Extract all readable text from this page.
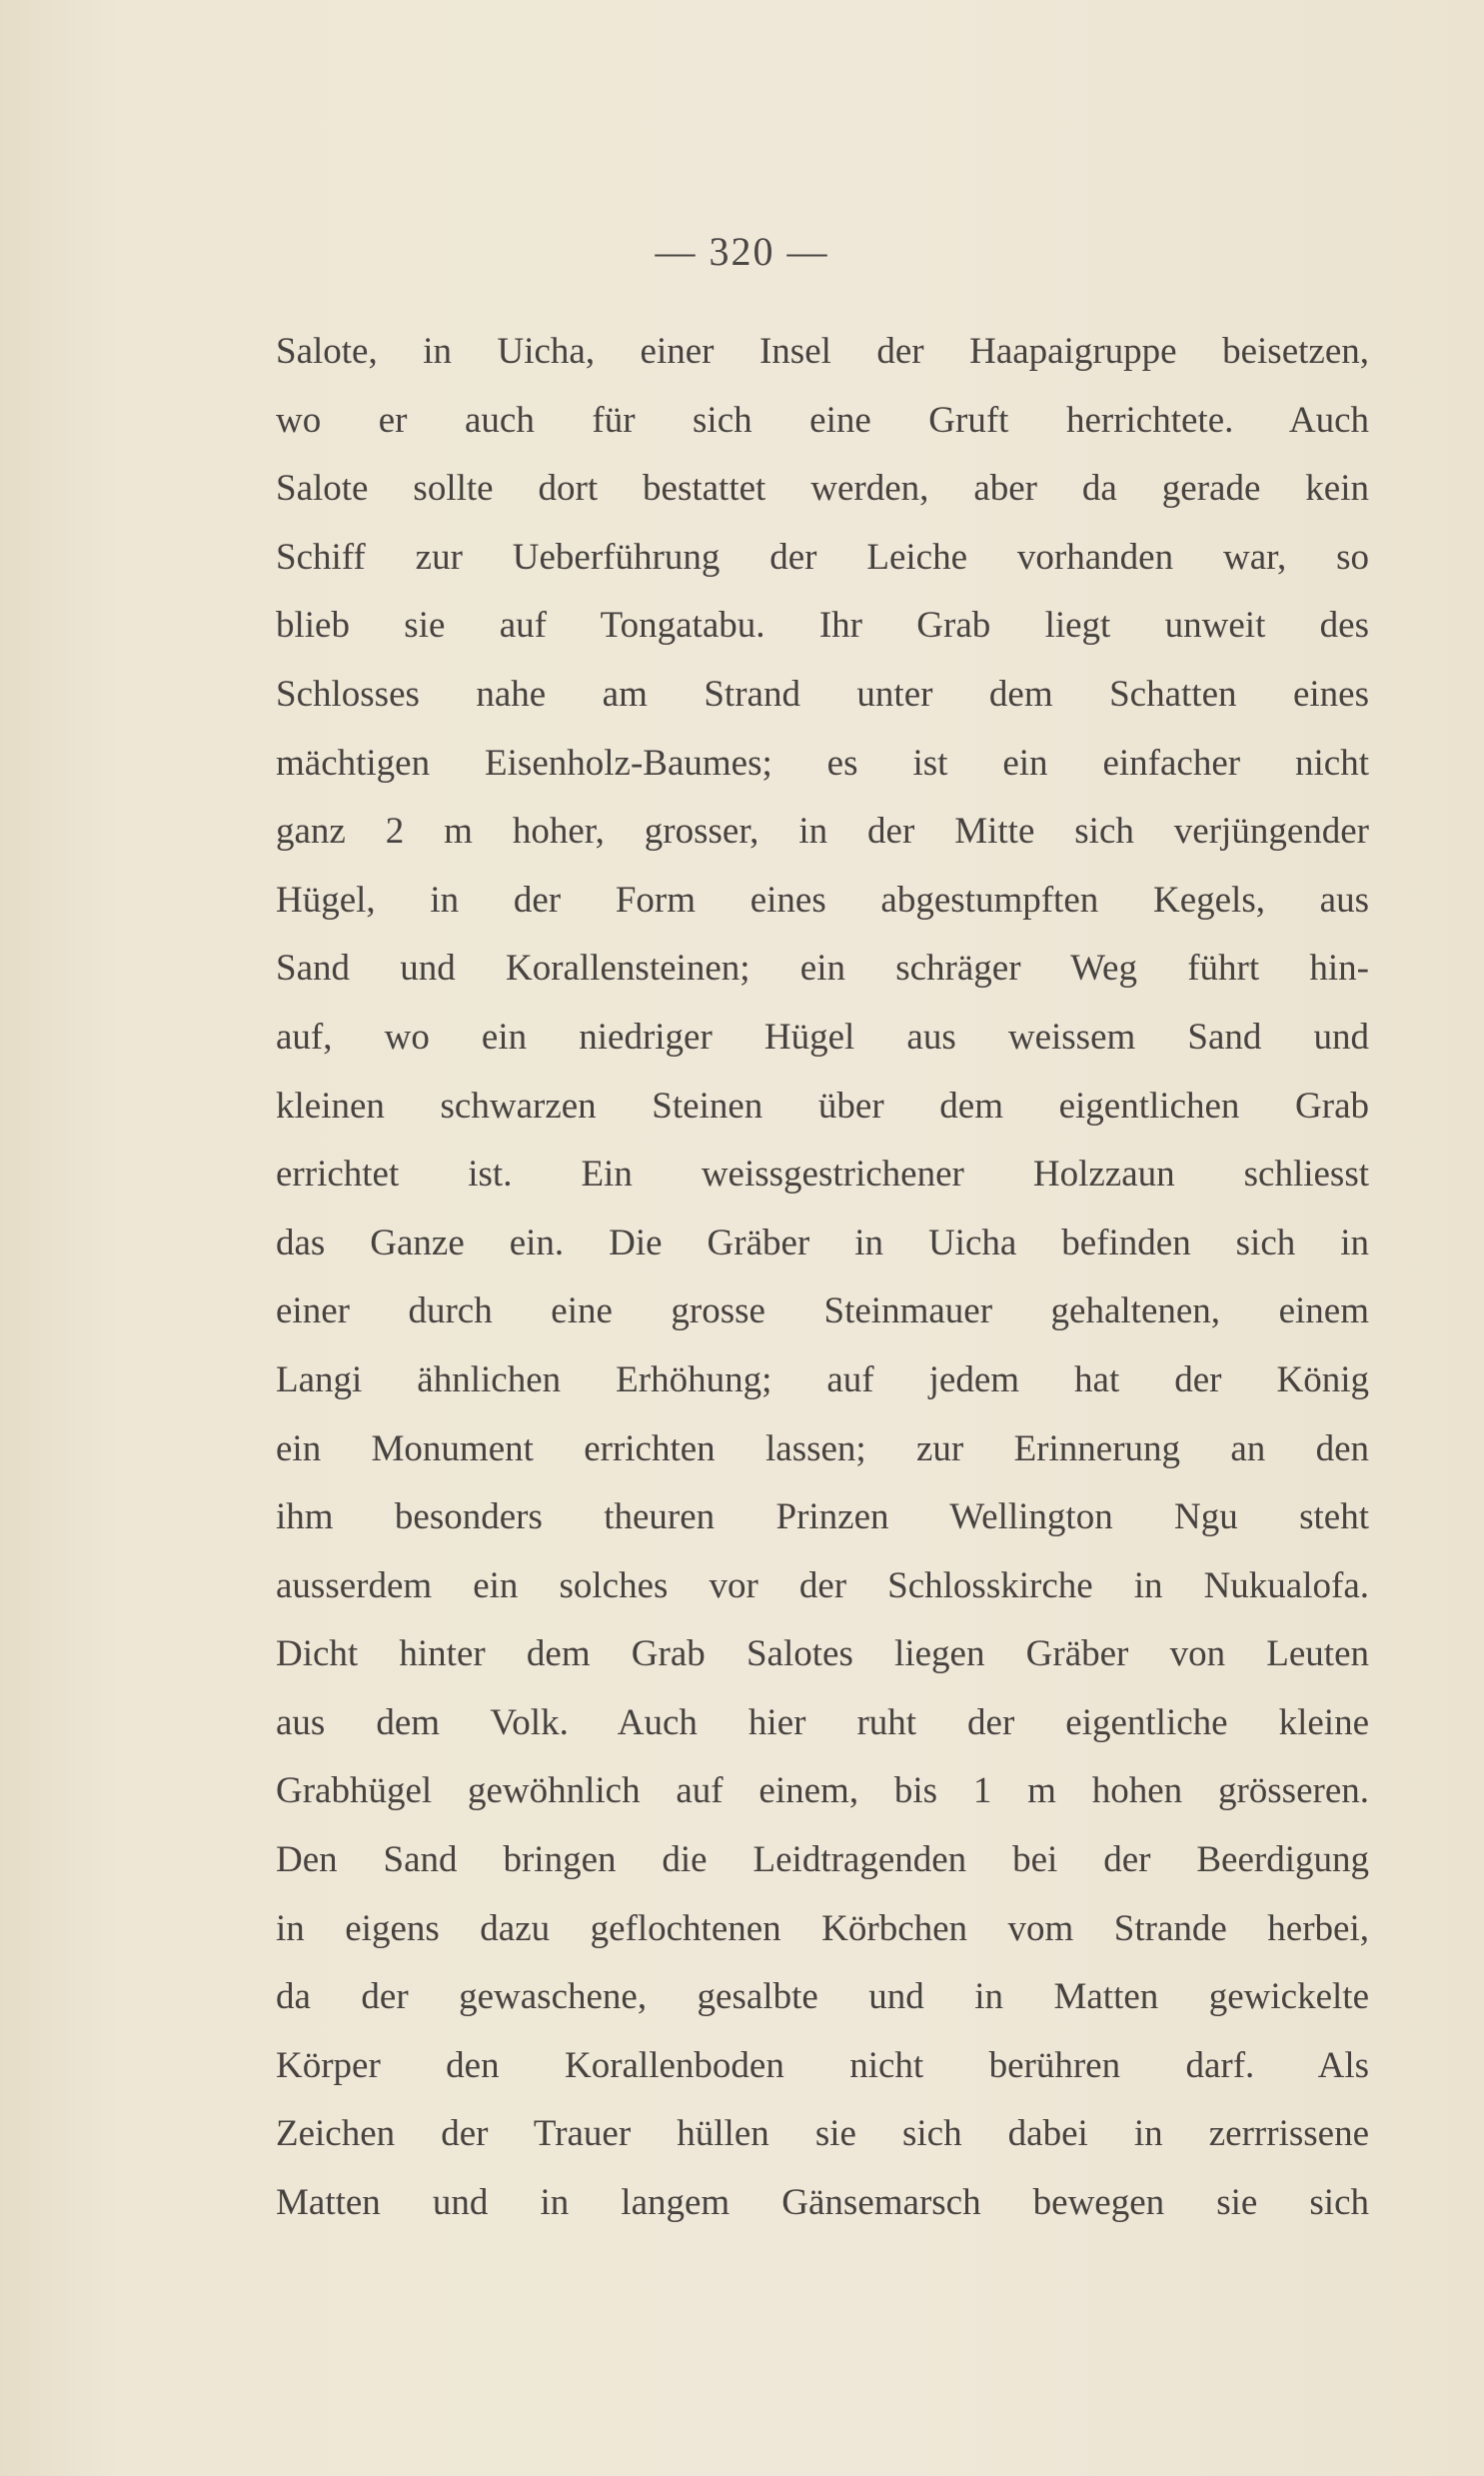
— 320 —
Salote, in Uicha, einer Insel der Haapaigruppe beisetzen,
wo er auch für sich eine Gruft herrichtete. Auch
Salote sollte dort bestattet werden, aber da gerade kein
Schiff zur Ueberführung der Leiche vorhanden war, so
blieb sie auf Tongatabu. Ihr Grab liegt unweit des
Schlosses nahe am Strand unter dem Schatten eines
mächtigen Eisenholz-Baumes; es ist ein einfacher nicht
ganz 2 m hoher, grosser, in der Mitte sich verjüngender
Hügel, in der Form eines abgestumpften Kegels, aus
Sand und Korallensteinen; ein schräger Weg führt hin-
auf, wo ein niedriger Hügel aus weissem Sand und
kleinen schwarzen Steinen über dem eigentlichen Grab
errichtet ist. Ein weissgestrichener Holzzaun schliesst
das Ganze ein. Die Gräber in Uicha befinden sich in
einer durch eine grosse Steinmauer gehaltenen, einem
Langi ähnlichen Erhöhung; auf jedem hat der König
ein Monument errichten lassen; zur Erinnerung an den
ihm besonders theuren Prinzen Wellington Ngu steht
ausserdem ein solches vor der Schlosskirche in Nukualofa.
Dicht hinter dem Grab Salotes liegen Gräber von Leuten
aus dem Volk. Auch hier ruht der eigentliche kleine
Grabhügel gewöhnlich auf einem, bis 1 m hohen grösseren.
Den Sand bringen die Leidtragenden bei der Beerdigung
in eigens dazu geflochtenen Körbchen vom Strande herbei,
da der gewaschene, gesalbte und in Matten gewickelte
Körper den Korallenboden nicht berühren darf. Als
Zeichen der Trauer hüllen sie sich dabei in zerrrissene
Matten und in langem Gänsemarsch bewegen sie sich
